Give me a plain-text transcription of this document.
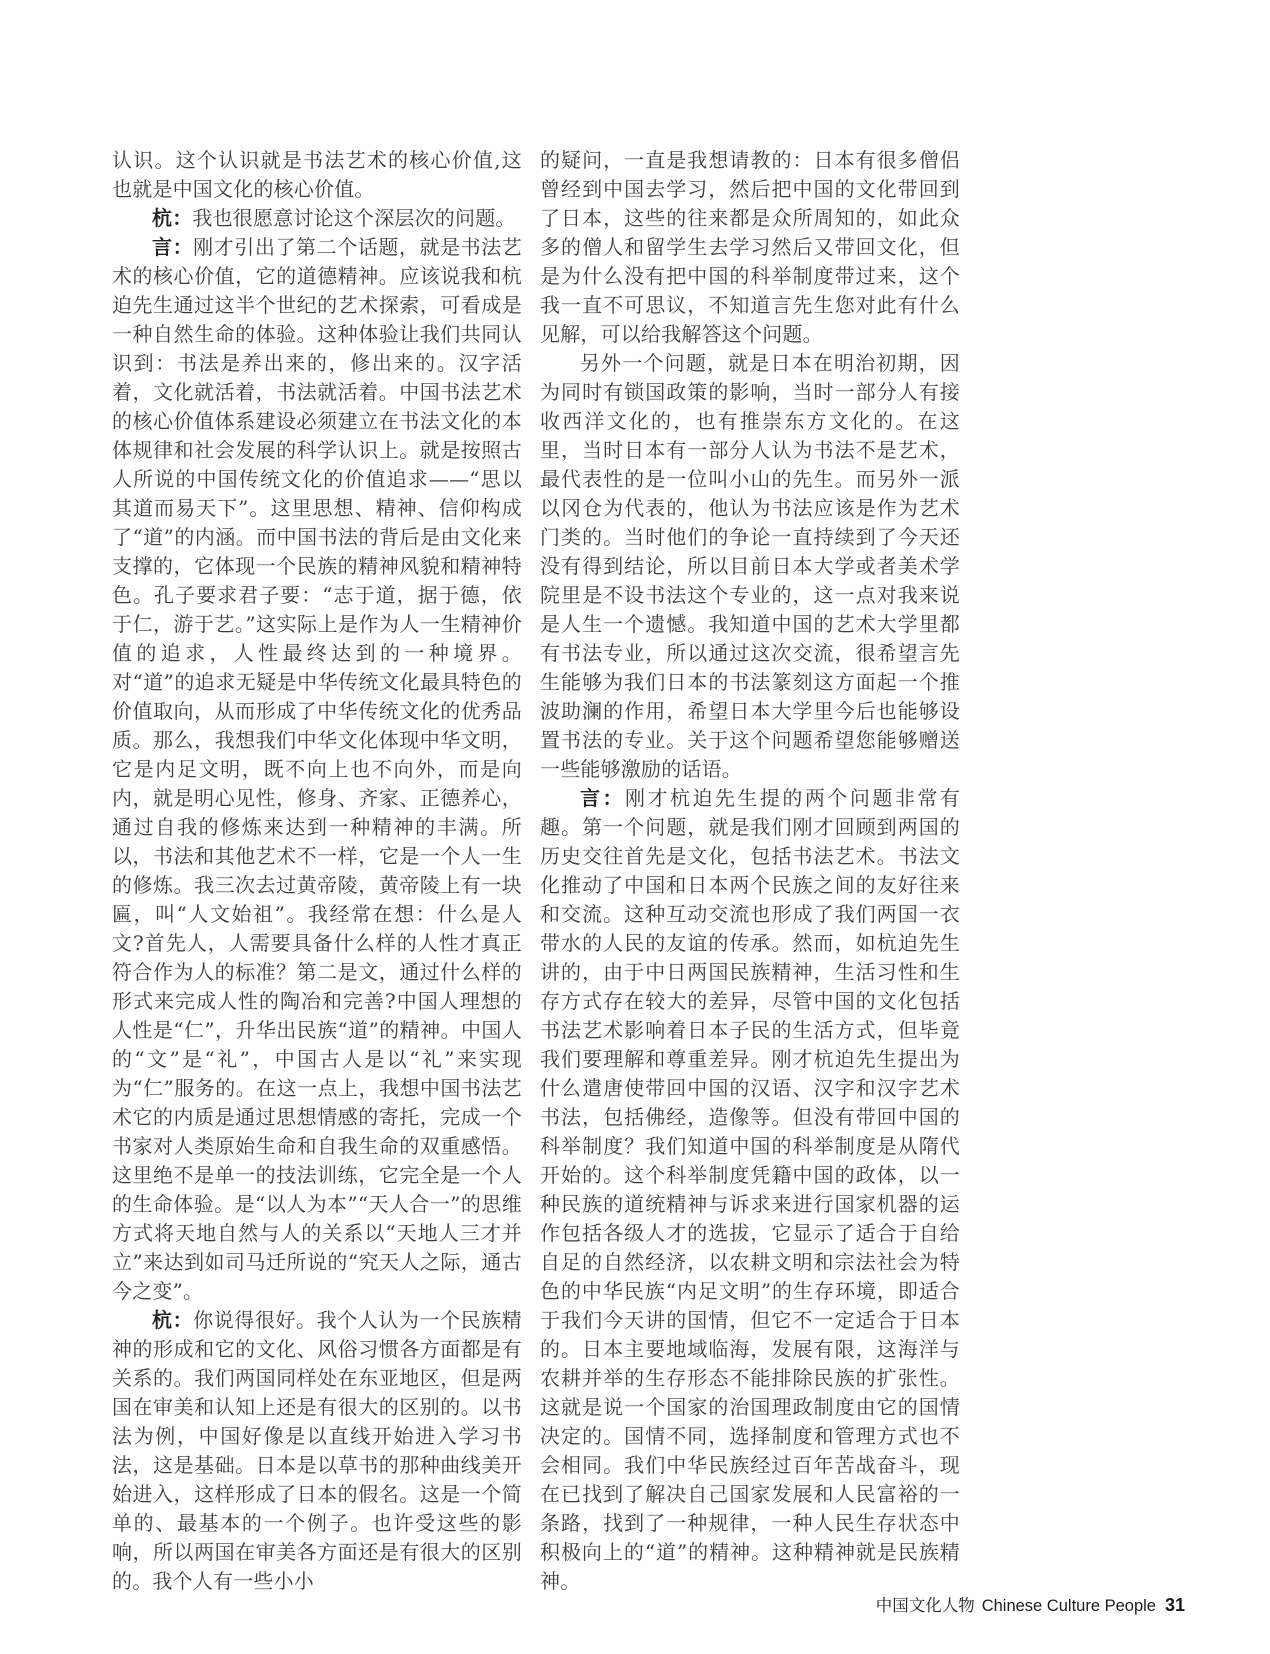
认识。这个认识就是书法艺术的核心价值,这也就是中国文化的核心价值。

杭：我也很愿意讨论这个深层次的问题。

言：刚才引出了第二个话题，就是书法艺术的核心价值，它的道德精神。应该说我和杭迫先生通过这半个世纪的艺术探索，可看成是一种自然生命的体验。这种体验让我们共同认识到：书法是养出来的，修出来的。汉字活着，文化就活着，书法就活着。中国书法艺术的核心价值体系建设必须建立在书法文化的本体规律和社会发展的科学认识上。就是按照古人所说的中国传统文化的价值追求——“思以其道而易天下”。这里思想、精神、信仰构成了“道”的内涵。而中国书法的背后是由文化来支撑的，它体现一个民族的精神风貌和精神特色。孔子要求君子要：“志于道，据于德，依于仁，游于艺。”这实际上是作为人一生精神价值的追求，人性最终达到的一种境界。对“道”的追求无疑是中华传统文化最具特色的价值取向，从而形成了中华传统文化的优秀品质。那么，我想我们中华文化体现中华文明，它是内足文明，既不向上也不向外，而是向内，就是明心见性，修身、齐家、正德养心，通过自我的修炼来达到一种精神的丰满。所以，书法和其他艺术不一样，它是一个人一生的修炼。我三次去过黄帝陵，黄帝陵上有一块匾，叫“人文始祖”。我经常在想：什么是人文?首先人，人需要具备什么样的人性才真正符合作为人的标准？第二是文，通过什么样的形式来完成人性的陶冶和完善?中国人理想的人性是“仁”，升华出民族“道”的精神。中国人的“文”是“礼”，中国古人是以“礼”来实现为“仁”服务的。在这一点上，我想中国书法艺术它的内质是通过思想情感的寄托，完成一个书家对人类原始生命和自我生命的双重感悟。这里绝不是单一的技法训练，它完全是一个人的生命体验。是“以人为本”“天人合一”的思维方式将天地自然与人的关系以“天地人三才并立”来达到如司马迁所说的“究天人之际，通古今之变”。

杭：你说得很好。我个人认为一个民族精神的形成和它的文化、风俗习惯各方面都是有关系的。我们两国同样处在东亚地区，但是两国在审美和认知上还是有很大的区别的。以书法为例，中国好像是以直线开始进入学习书法，这是基础。日本是以草书的那种曲线美开始进入，这样形成了日本的假名。这是一个简单的、最基本的一个例子。也许受这些的影响，所以两国在审美各方面还是有很大的区别的。我个人有一些小小

的疑问，一直是我想请教的：日本有很多僧侣曾经到中国去学习，然后把中国的文化带回到了日本，这些的往来都是众所周知的，如此众多的僧人和留学生去学习然后又带回文化，但是为什么没有把中国的科举制度带过来，这个我一直不可思议，不知道言先生您对此有什么见解，可以给我解答这个问题。

另外一个问题，就是日本在明治初期，因为同时有锁国政策的影响，当时一部分人有接收西洋文化的，也有推崇东方文化的。在这里，当时日本有一部分人认为书法不是艺术，最代表性的是一位叫小山的先生。而另外一派以冈仓为代表的，他认为书法应该是作为艺术门类的。当时他们的争论一直持续到了今天还没有得到结论，所以目前日本大学或者美术学院里是不设书法这个专业的，这一点对我来说是人生一个遗憾。我知道中国的艺术大学里都有书法专业，所以通过这次交流，很希望言先生能够为我们日本的书法篆刻这方面起一个推波助澜的作用，希望日本大学里今后也能够设置书法的专业。关于这个问题希望您能够赠送一些能够激励的话语。

言：刚才杭迫先生提的两个问题非常有趣。第一个问题，就是我们刚才回顾到两国的历史交往首先是文化，包括书法艺术。书法文化推动了中国和日本两个民族之间的友好往来和交流。这种互动交流也形成了我们两国一衣带水的人民的友谊的传承。然而，如杭迫先生讲的，由于中日两国民族精神，生活习性和生存方式存在较大的差异，尽管中国的文化包括书法艺术影响着日本子民的生活方式，但毕竟我们要理解和尊重差异。刚才杭迫先生提出为什么遣唐使带回中国的汉语、汉字和汉字艺术书法，包括佛经，造像等。但没有带回中国的科举制度？我们知道中国的科举制度是从隋代开始的。这个科举制度凭籍中国的政体，以一种民族的道统精神与诉求来进行国家机器的运作包括各级人才的选拔，它显示了适合于自给自足的自然经济，以农耕文明和宗法社会为特色的中华民族“内足文明”的生存环境，即适合于我们今天讲的国情，但它不一定适合于日本的。日本主要地域临海，发展有限，这海洋与农耕并举的生存形态不能排除民族的扩张性。这就是说一个国家的治国理政制度由它的国情决定的。国情不同，选择制度和管理方式也不会相同。我们中华民族经过百年苦战奋斗，现在已找到了解决自己国家发展和人民富裕的一条路，找到了一种规律，一种人民生存状态中积极向上的“道”的精神。这种精神就是民族精神。

中国文化人物 Chinese Culture People 31
